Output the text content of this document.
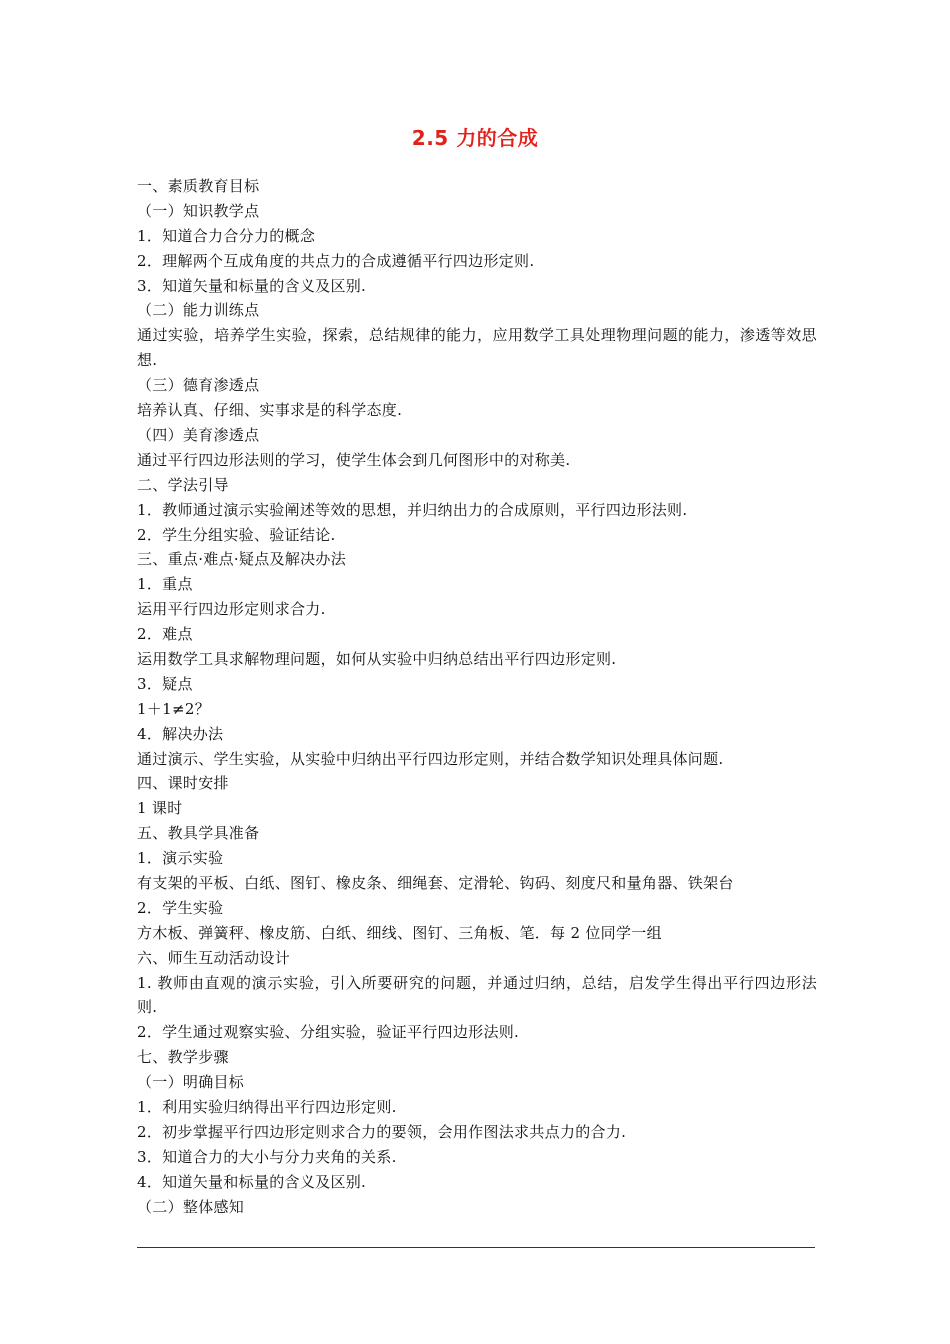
2.5 力的合成
一、素质教育目标
（一）知识教学点
1．知道合力合分力的概念
2．理解两个互成角度的共点力的合成遵循平行四边形定则.
3．知道矢量和标量的含义及区别.
（二）能力训练点
通过实验，培养学生实验，探索，总结规律的能力，应用数学工具处理物理问题的能力，渗透等效思想.
（三）德育渗透点
培养认真、仔细、实事求是的科学态度.
（四）美育渗透点
通过平行四边形法则的学习，使学生体会到几何图形中的对称美.
二、学法引导
1．教师通过演示实验阐述等效的思想，并归纳出力的合成原则，平行四边形法则.
2．学生分组实验、验证结论.
三、重点·难点·疑点及解决办法
1．重点
运用平行四边形定则求合力.
2．难点
运用数学工具求解物理问题，如何从实验中归纳总结出平行四边形定则.
3．疑点
1＋1≠2？
4．解决办法
通过演示、学生实验，从实验中归纳出平行四边形定则，并结合数学知识处理具体问题.
四、课时安排
1 课时
五、教具学具准备
1．演示实验
有支架的平板、白纸、图钉、橡皮条、细绳套、定滑轮、钩码、刻度尺和量角器、铁架台
2．学生实验
方木板、弹簧秤、橡皮筋、白纸、细线、图钉、三角板、笔．每 2 位同学一组
六、师生互动活动设计
1. 教师由直观的演示实验，引入所要研究的问题，并通过归纳，总结，启发学生得出平行四边形法则.
2．学生通过观察实验、分组实验，验证平行四边形法则.
七、教学步骤
（一）明确目标
1．利用实验归纳得出平行四边形定则.
2．初步掌握平行四边形定则求合力的要领，会用作图法求共点力的合力.
3．知道合力的大小与分力夹角的关系.
4．知道矢量和标量的含义及区别.
（二）整体感知
